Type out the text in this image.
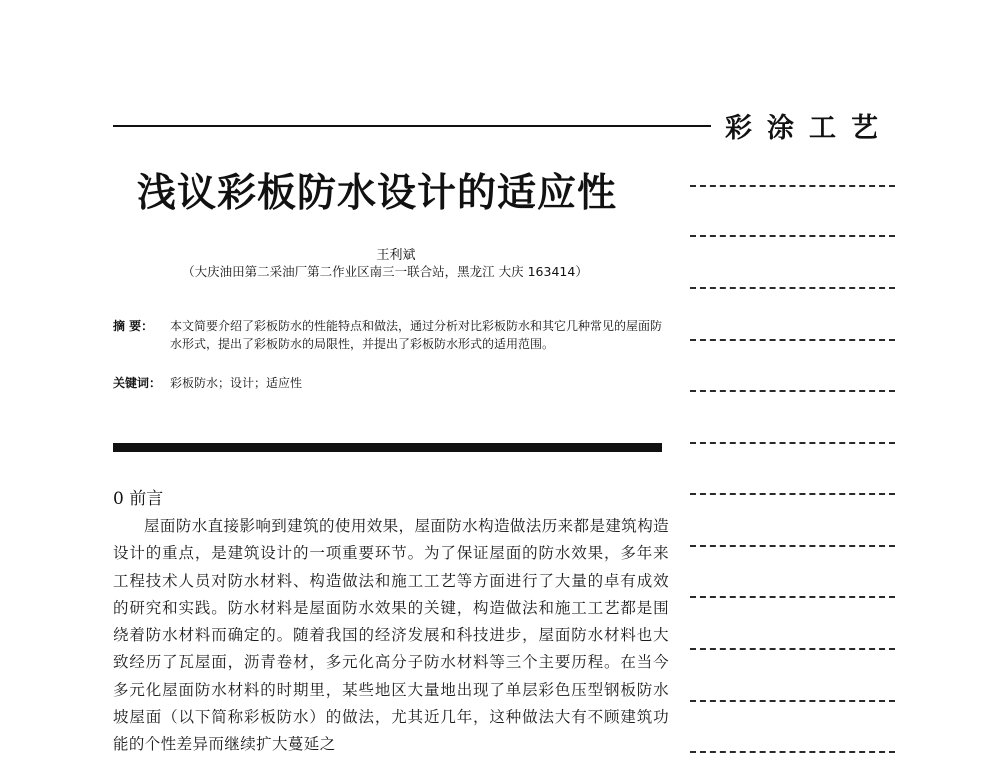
彩涂工艺
浅议彩板防水设计的适应性
王利斌
（大庆油田第二采油厂第二作业区南三一联合站，黑龙江 大庆 163414）
摘 要： 本文简要介绍了彩板防水的性能特点和做法，通过分析对比彩板防水和其它几种常见的屋面防水形式，提出了彩板防水的局限性，并提出了彩板防水形式的适用范围。
关键词： 彩板防水；设计；适应性
0 前言
屋面防水直接影响到建筑的使用效果，屋面防水构造做法历来都是建筑构造设计的重点，是建筑设计的一项重要环节。为了保证屋面的防水效果，多年来工程技术人员对防水材料、构造做法和施工工艺等方面进行了大量的卓有成效的研究和实践。防水材料是屋面防水效果的关键，构造做法和施工工艺都是围绕着防水材料而确定的。随着我国的经济发展和科技进步，屋面防水材料也大致经历了瓦屋面，沥青卷材，多元化高分子防水材料等三个主要历程。在当今多元化屋面防水材料的时期里，某些地区大量地出现了单层彩色压型钢板防水坡屋面（以下简称彩板防水）的做法，尤其近几年，这种做法大有不顾建筑功能的个性差异而继续扩大蔓延之
